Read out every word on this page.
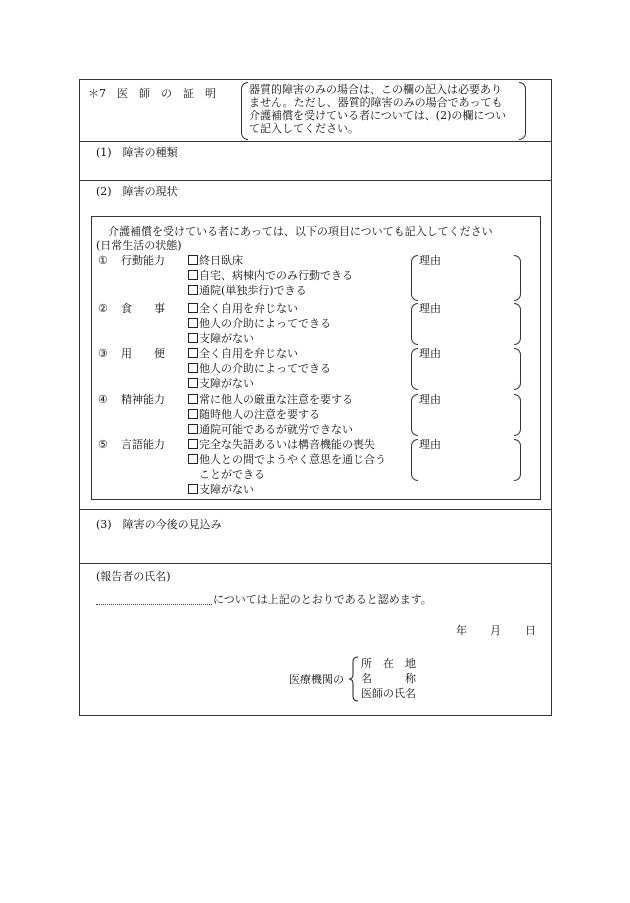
＊7　医　師　の　証　明	器質的障害のみの場合は、この欄の記入は必要あり
ません。ただし、器質的障害のみの場合であっても
介護補償を受けている者については、(2)の欄につい
て記入してください。
(1)　障害の種類
(2)　障害の現状
介護補償を受けている者にあっては、以下の項目についても記入してください
(日常生活の状態)
① 行動能力	終日臥床
自宅、病棟内でのみ行動できる
通院(単独歩行)できる
理由
② 食　　事	全く自用を弁じない
他人の介助によってできる
支障がない
理由
③ 用　　便	全く自用を弁じない
他人の介助によってできる
支障がない
理由
④ 精神能力	常に他人の厳重な注意を要する
随時他人の注意を要する
通院可能であるが就労できない
理由
⑤ 言語能力	完全な失語あるいは構音機能の喪失
他人との間でようやく意思を通じ合う
ことができる
支障がない
理由
(3)　障害の今後の見込み
(報告者の氏名)
については上記のとおりであると認めます。
年 月 日
医療機関の
所　在　地
名　　　称
医師の氏名
